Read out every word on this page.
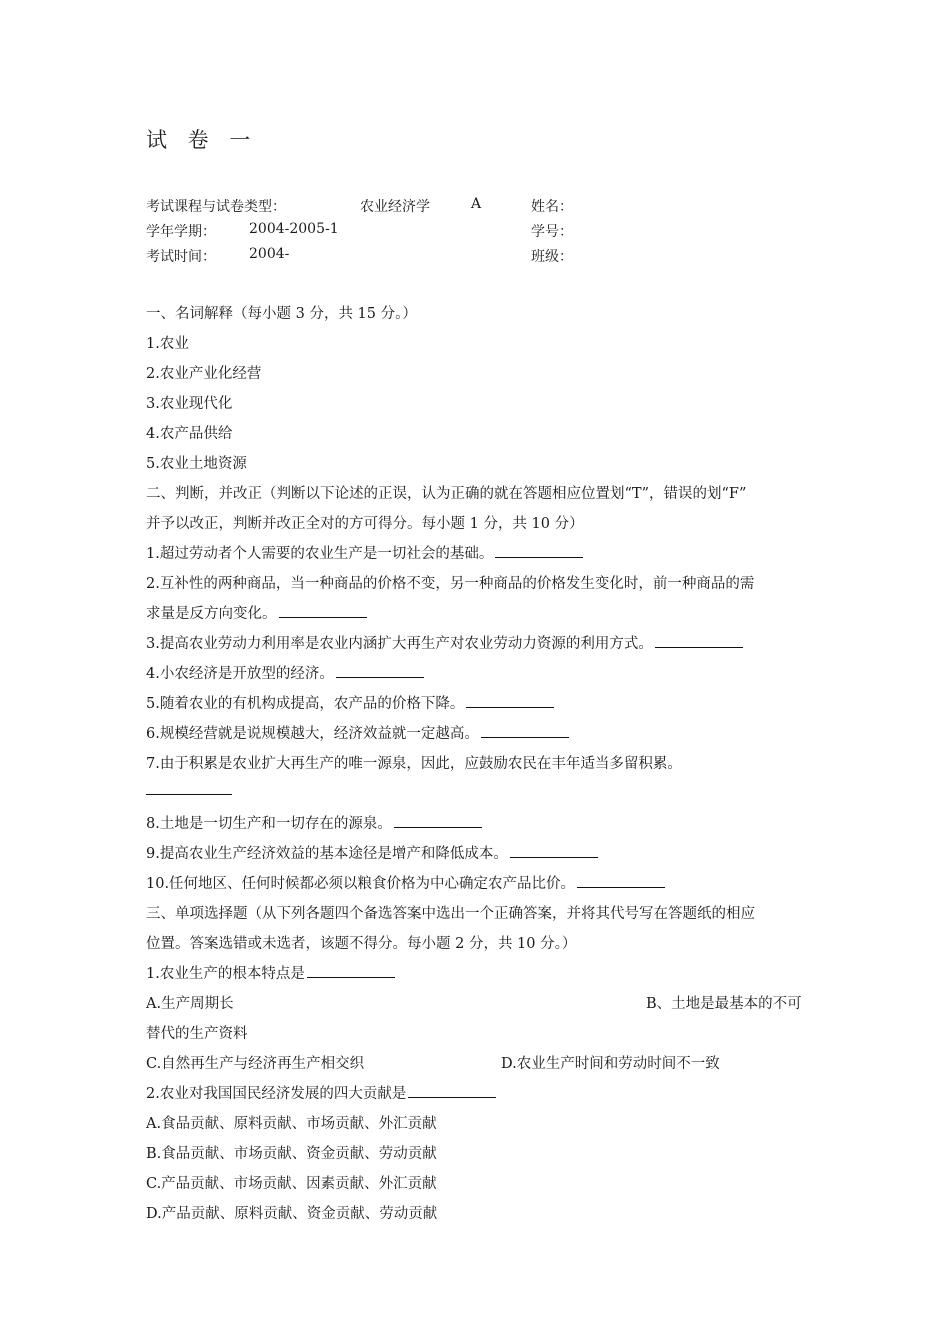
试 卷 一
考试课程与试卷类型：	农业经济学	A	姓名：
学年学期： 2004-2005-1	学号：
考试时间： 2004-	班级：
一、名词解释（每小题 3 分，共 15 分。）
1.农业
2.农业产业化经营
3.农业现代化
4.农产品供给
5.农业土地资源
二、判断，并改正（判断以下论述的正误，认为正确的就在答题相应位置划“T”，错误的划“F”
并予以改正，判断并改正全对的方可得分。每小题 1 分，共 10 分）
1.超过劳动者个人需要的农业生产是一切社会的基础。
2.互补性的两种商品，当一种商品的价格不变，另一种商品的价格发生变化时，前一种商品的需
求量是反方向变化。
3.提高农业劳动力利用率是农业内涵扩大再生产对农业劳动力资源的利用方式。
4.小农经济是开放型的经济。
5.随着农业的有机构成提高，农产品的价格下降。
6.规模经营就是说规模越大，经济效益就一定越高。
7.由于积累是农业扩大再生产的唯一源泉，因此，应鼓励农民在丰年适当多留积累。
8.土地是一切生产和一切存在的源泉。
9.提高农业生产经济效益的基本途径是增产和降低成本。
10.任何地区、任何时候都必须以粮食价格为中心确定农产品比价。
三、单项选择题（从下列各题四个备选答案中选出一个正确答案，并将其代号写在答题纸的相应
位置。答案选错或未选者，该题不得分。每小题 2 分，共 10 分。）
1.农业生产的根本特点是
A.生产周期长	B、土地是最基本的不可
替代的生产资料
C.自然再生产与经济再生产相交织	D.农业生产时间和劳动时间不一致
2.农业对我国国民经济发展的四大贡献是
A.食品贡献、原料贡献、市场贡献、外汇贡献
B.食品贡献、市场贡献、资金贡献、劳动贡献
C.产品贡献、市场贡献、因素贡献、外汇贡献
D.产品贡献、原料贡献、资金贡献、劳动贡献
